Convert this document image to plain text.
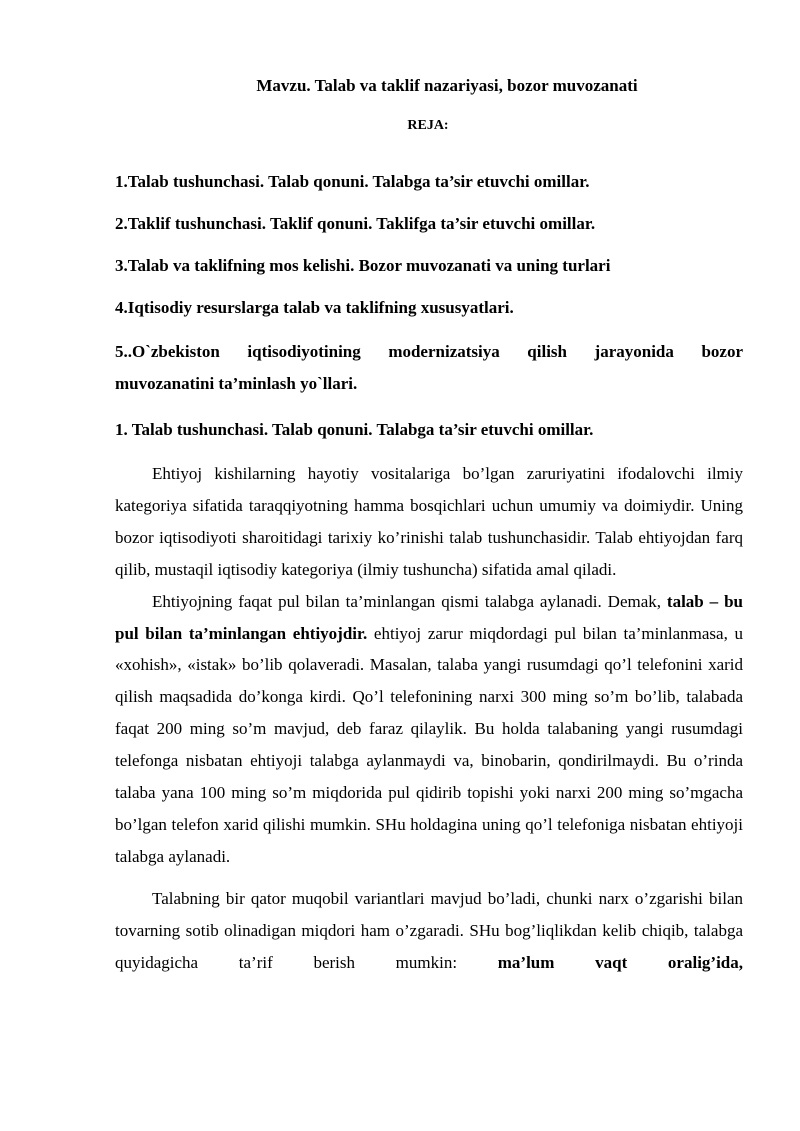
Mavzu. Talab va taklif nazariyasi, bozor muvozanati
REJA:

1.Talab tushunchasi. Talab qonuni. Talabga ta’sir etuvchi omillar.

2.Taklif tushunchasi. Taklif qonuni. Taklifga ta’sir etuvchi omillar.

3.Talab va taklifning mos kelishi. Bozor muvozanati va uning turlari

4.Iqtisodiy resurslarga talab va taklifning xususyatlari.

5..O`zbekiston iqtisodiyotining modernizatsiya qilish jarayonida bozor
muvozanatini ta’minlash yo`llari.

1. Talab tushunchasi. Talab qonuni. Talabga ta’sir etuvchi omillar.

Ehtiyoj kishilarning hayotiy vositalariga bo’lgan zaruriyatini ifodalovchi ilmiy kategoriya sifatida taraqqiyotning hamma bosqichlari uchun umumiy va doimiydir. Uning bozor iqtisodiyoti sharoitidagi tarixiy ko’rinishi talab tushunchasidir. Talab ehtiyojdan farq qilib, mustaqil iqtisodiy kategoriya (ilmiy tushuncha) sifatida amal qiladi.

Ehtiyojning faqat pul bilan ta’minlangan qismi talabga aylanadi. Demak, talab – bu pul bilan ta’minlangan ehtiyojdir. ehtiyoj zarur miqdordagi pul bilan ta’minlanmasa, u «xohish», «istak» bo’lib qolaveradi. Masalan, talaba yangi rusumdagi qo’l telefonini xarid qilish maqsadida do’konga kirdi. Qo’l telefonining narxi 300 ming so’m bo’lib, talabada faqat 200 ming so’m mavjud, deb faraz qilaylik. Bu holda talabaning yangi rusumdagi telefonga nisbatan ehtiyoji talabga aylanmaydi va, binobarin, qondirilmaydi. Bu o’rinda talaba yana 100 ming so’m miqdorida pul qidirib topishi yoki narxi 200 ming so’mgacha bo’lgan telefon xarid qilishi mumkin. SHu holdagina uning qo’l telefoniga nisbatan ehtiyoji talabga aylanadi.

Talabning bir qator muqobil variantlari mavjud bo’ladi, chunki narx o’zgarishi bilan tovarning sotib olinadigan miqdori ham o’zgaradi. SHu bog’liqlikdan kelib chiqib, talabga quyidagicha ta’rif berish mumkin: ma’lum vaqt oralig’ida,
